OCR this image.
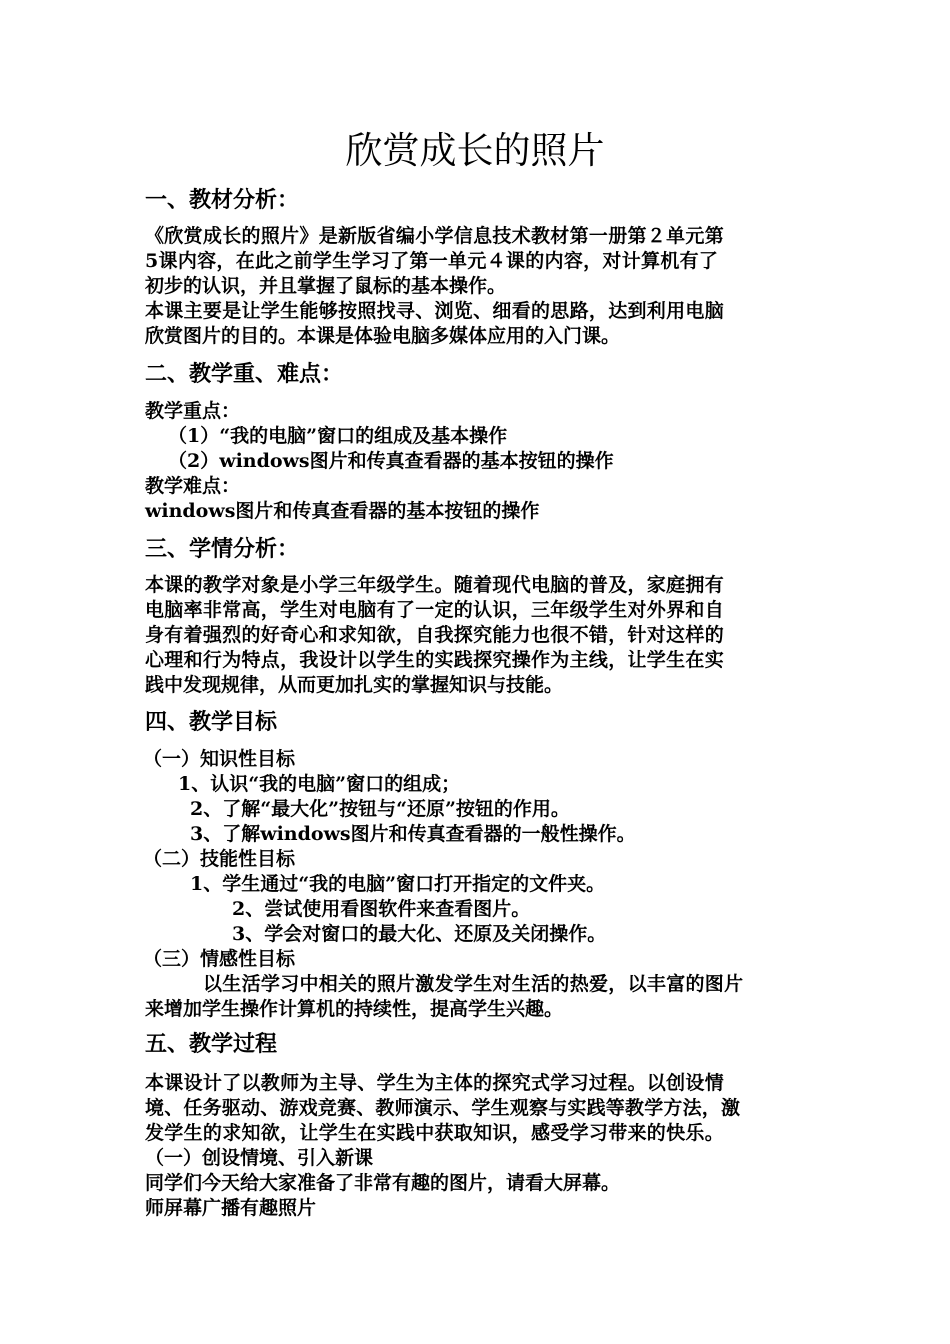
欣赏成长的照片
一、教材分析：

《欣赏成长的照片》是新版省编小学信息技术教材第一册第２单元第

5课内容，在此之前学生学习了第一单元４课的内容，对计算机有了

初步的认识，并且掌握了鼠标的基本操作。

本课主要是让学生能够按照找寻、浏览、细看的思路，达到利用电脑

欣赏图片的目的。本课是体验电脑多媒体应用的入门课。

二、教学重、难点：

教学重点：

（1）“我的电脑”窗口的组成及基本操作

（2）windows图片和传真查看器的基本按钮的操作

教学难点：

windows图片和传真查看器的基本按钮的操作

三、学情分析：

本课的教学对象是小学三年级学生。随着现代电脑的普及，家庭拥有

电脑率非常高，学生对电脑有了一定的认识，三年级学生对外界和自

身有着强烈的好奇心和求知欲，自我探究能力也很不错，针对这样的

心理和行为特点，我设计以学生的实践探究操作为主线，让学生在实

践中发现规律，从而更加扎实的掌握知识与技能。

四、教学目标

（一）知识性目标

1、认识“我的电脑”窗口的组成；

2、了解“最大化”按钮与“还原”按钮的作用。

3、了解windows图片和传真查看器的一般性操作。

（二）技能性目标

1、学生通过“我的电脑”窗口打开指定的文件夹。

2、尝试使用看图软件来查看图片。

3、学会对窗口的最大化、还原及关闭操作。

（三）情感性目标

以生活学习中相关的照片激发学生对生活的热爱，以丰富的图片

来增加学生操作计算机的持续性，提高学生兴趣。

五、教学过程

本课设计了以教师为主导、学生为主体的探究式学习过程。以创设情

境、任务驱动、游戏竞赛、教师演示、学生观察与实践等教学方法，激

发学生的求知欲，让学生在实践中获取知识，感受学习带来的快乐。

（一）创设情境、引入新课

同学们今天给大家准备了非常有趣的图片，请看大屏幕。

师屏幕广播有趣照片
